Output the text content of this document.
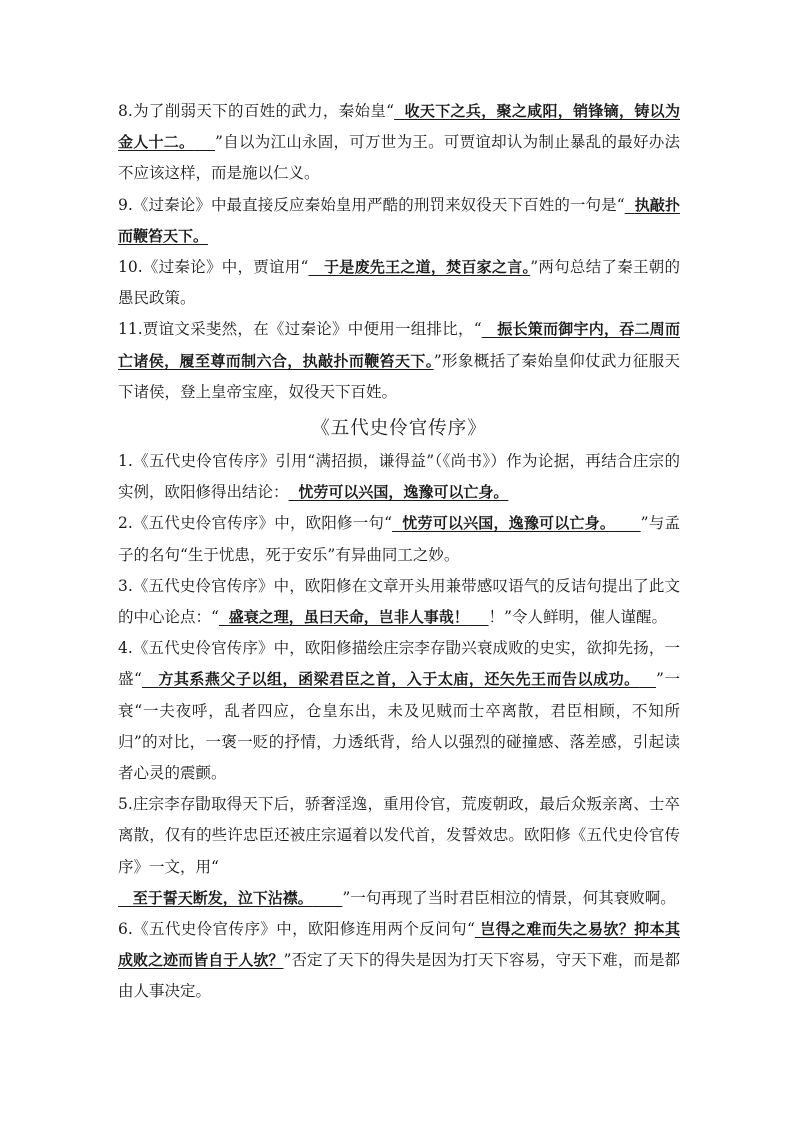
8.为了削弱天下的百姓的武力，秦始皇“ 收天下之兵，聚之咸阳，销锋镝，铸以为金人十二。 ”自以为江山永固，可万世为王。可贾谊却认为制止暴乱的最好办法不应该这样，而是施以仁义。

9.《过秦论》中最直接反应秦始皇用严酷的刑罚来奴役天下百姓的一句是“ 执敲扑而鞭笞天下。

10.《过秦论》中，贾谊用“ 于是废先王之道，焚百家之言。”两句总结了秦王朝的愚民政策。

11.贾谊文采斐然，在《过秦论》中便用一组排比，“ 振长策而御宇内，吞二周而亡诸侯，履至尊而制六合，执敲扑而鞭笞天下。”形象概括了秦始皇仰仗武力征服天下诸侯，登上皇帝宝座，奴役天下百姓。

《五代史伶官传序》

1.《五代史伶官传序》引用“满招损，谦得益”（《尚书》）作为论据，再结合庄宗的实例，欧阳修得出结论： 忧劳可以兴国，逸豫可以亡身。

2.《五代史伶官传序》中，欧阳修一句“ 忧劳可以兴国，逸豫可以亡身。 ”与孟子的名句“生于忧患，死于安乐”有异曲同工之妙。

3.《五代史伶官传序》中，欧阳修在文章开头用兼带感叹语气的反诘句提出了此文的中心论点：“ 盛衰之理，虽曰天命，岂非人事哉！ ！”令人鲜明，催人谨醒。

4.《五代史伶官传序》中，欧阳修描绘庄宗李存勖兴衰成败的史实，欲抑先扬，一盛“ 方其系燕父子以组，函梁君臣之首，入于太庙，还矢先王而告以成功。 ”一衰“一夫夜呼，乱者四应，仓皇东出，未及见贼而士卒离散，君臣相顾，不知所归”的对比，一褒一贬的抒情，力透纸背，给人以强烈的碰撞感、落差感，引起读者心灵的震颤。

5.庄宗李存勖取得天下后，骄奢淫逸，重用伶官，荒废朝政，最后众叛亲离、士卒离散，仅有的些许忠臣还被庄宗逼着以发代首，发誓效忠。欧阳修《五代史伶官传序》一文，用“
至于誓天断发，泣下沾襟。 ”一句再现了当时君臣相泣的情景，何其衰败啊。

6.《五代史伶官传序》中，欧阳修连用两个反问句“ 岂得之难而失之易欤？抑本其成败之迹而皆自于人欤？”否定了天下的得失是因为打天下容易，守天下难，而是都由人事决定。
